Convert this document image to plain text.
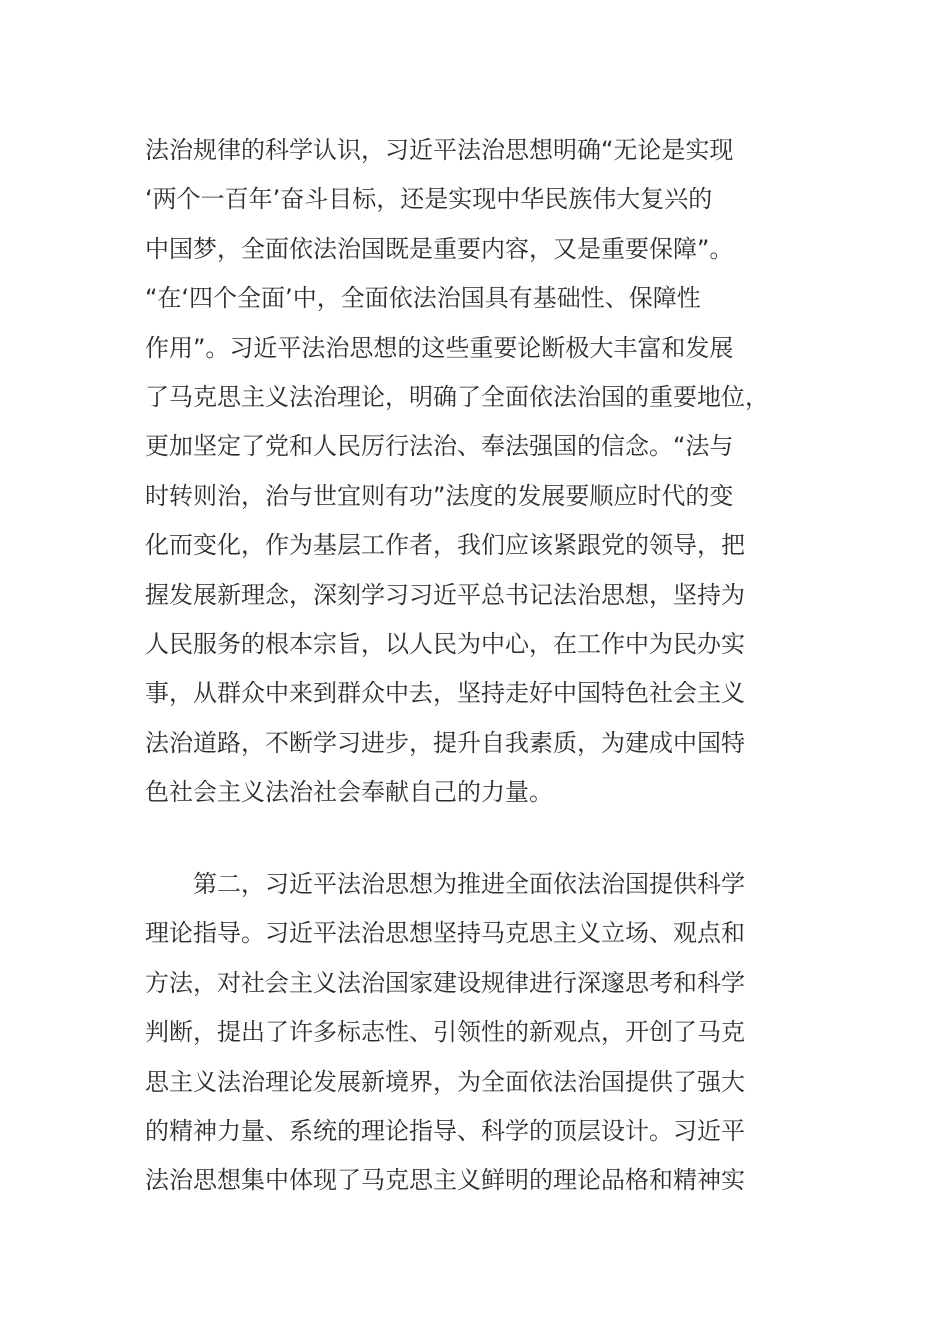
法治规律的科学认识，习近平法治思想明确“无论是实现
‘两个一百年’奋斗目标，还是实现中华民族伟大复兴的
中国梦，全面依法治国既是重要内容，又是重要保障”。
“在‘四个全面’中，全面依法治国具有基础性、保障性
作用”。习近平法治思想的这些重要论断极大丰富和发展
了马克思主义法治理论，明确了全面依法治国的重要地位，
更加坚定了党和人民厉行法治、奉法强国的信念。“法与
时转则治，治与世宜则有功”法度的发展要顺应时代的变
化而变化，作为基层工作者，我们应该紧跟党的领导，把
握发展新理念，深刻学习习近平总书记法治思想，坚持为
人民服务的根本宗旨，以人民为中心，在工作中为民办实
事，从群众中来到群众中去，坚持走好中国特色社会主义
法治道路，不断学习进步，提升自我素质，为建成中国特
色社会主义法治社会奉献自己的力量。
第二，习近平法治思想为推进全面依法治国提供科学
理论指导。习近平法治思想坚持马克思主义立场、观点和
方法，对社会主义法治国家建设规律进行深邃思考和科学
判断，提出了许多标志性、引领性的新观点，开创了马克
思主义法治理论发展新境界，为全面依法治国提供了强大
的精神力量、系统的理论指导、科学的顶层设计。习近平
法治思想集中体现了马克思主义鲜明的理论品格和精神实
